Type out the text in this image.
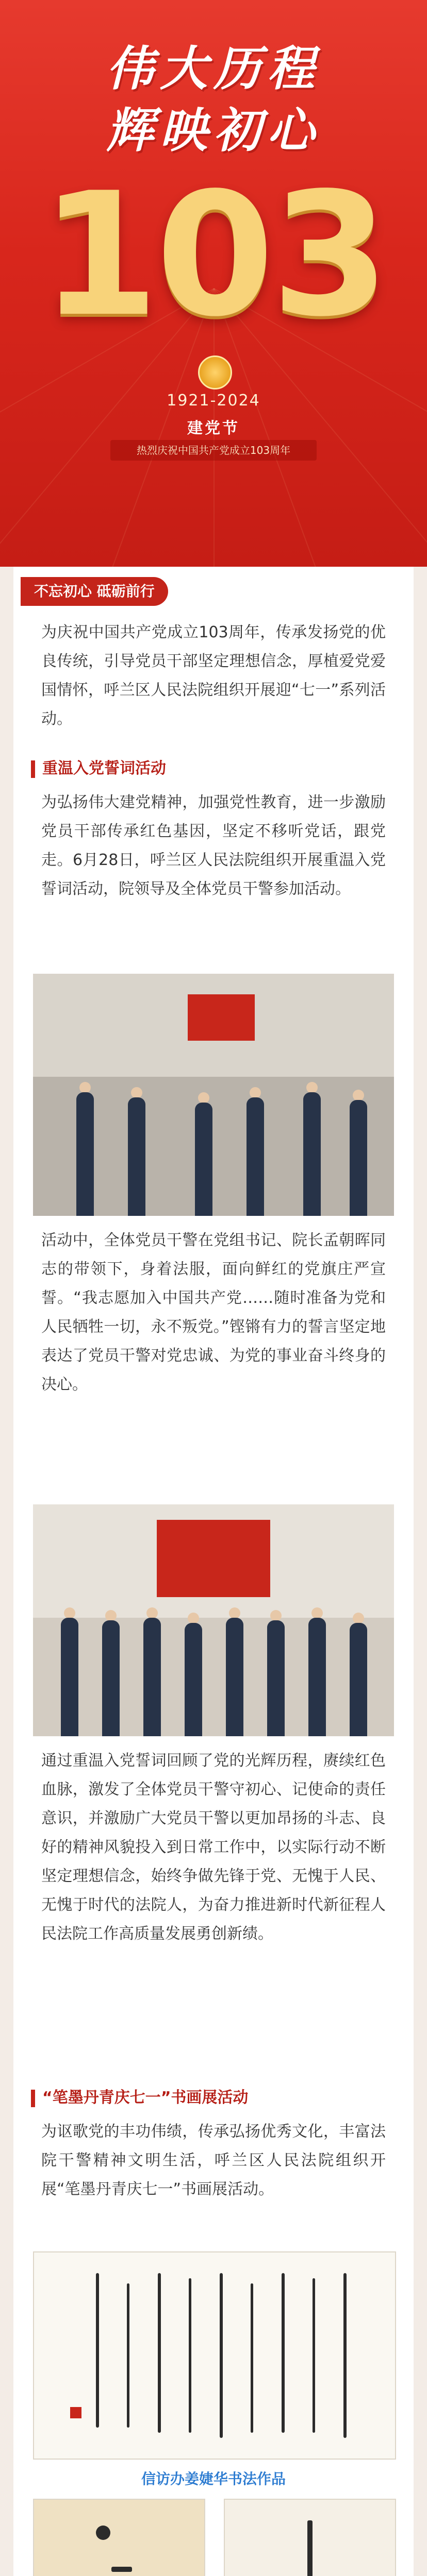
伟大历程
辉映初心
103
1921-2024
建党节
热烈庆祝中国共产党成立103周年
不忘初心 砥砺前行
为庆祝中国共产党成立103周年，传承发扬党的优良传统，引导党员干部坚定理想信念，厚植爱党爱国情怀，呼兰区人民法院组织开展迎“七一”系列活动。
重温入党誓词活动
为弘扬伟大建党精神，加强党性教育，进一步激励党员干部传承红色基因，坚定不移听党话，跟党走。6月28日，呼兰区人民法院组织开展重温入党誓词活动，院领导及全体党员干警参加活动。
活动中，全体党员干警在党组书记、院长孟朝晖同志的带领下，身着法服，面向鲜红的党旗庄严宣誓。“我志愿加入中国共产党……随时准备为党和人民牺牲一切，永不叛党。”铿锵有力的誓言坚定地表达了党员干警对党忠诚、为党的事业奋斗终身的决心。
通过重温入党誓词回顾了党的光辉历程，赓续红色血脉，激发了全体党员干警守初心、记使命的责任意识，并激励广大党员干警以更加昂扬的斗志、良好的精神风貌投入到日常工作中，以实际行动不断坚定理想信念，始终争做先锋于党、无愧于人民、无愧于时代的法院人，为奋力推进新时代新征程人民法院工作高质量发展勇创新绩。
“笔墨丹青庆七一”书画展活动
为讴歌党的丰功伟绩，传承弘扬优秀文化，丰富法院干警精神文明生活，呼兰区人民法院组织开展“笔墨丹青庆七一”书画展活动。
信访办姜婕华书法作品
